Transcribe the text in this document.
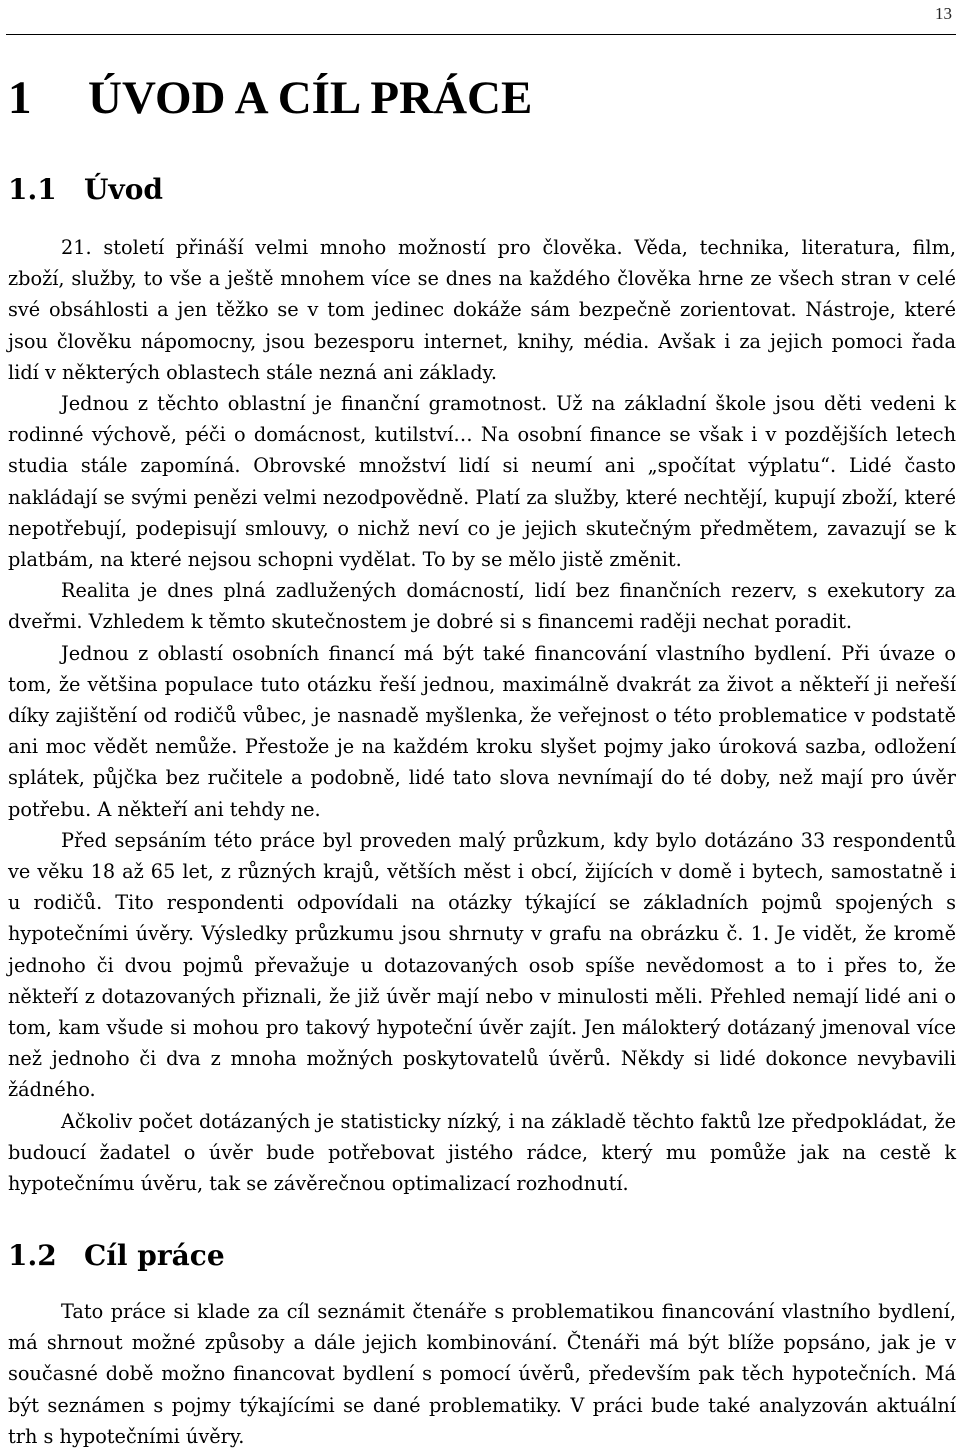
13
1 ÚVOD A CÍL PRÁCE
1.1 Úvod

21. století přináší velmi mnoho možností pro člověka. Věda, technika, literatura, film, zboží, služby, to vše a ještě mnohem více se dnes na každého člověka hrne ze všech stran v celé své obsáhlosti a jen těžko se v tom jedinec dokáže sám bezpečně zorientovat. Nástroje, které jsou člověku nápomocny, jsou bezesporu internet, knihy, média. Avšak i za jejich pomoci řada lidí v některých oblastech stále nezná ani základy.

Jednou z těchto oblastní je finanční gramotnost. Už na základní škole jsou děti vedeni k rodinné výchově, péči o domácnost, kutilství… Na osobní finance se však i v pozdějších letech studia stále zapomíná. Obrovské množství lidí si neumí ani „spočítat výplatu“. Lidé často nakládají se svými penězi velmi nezodpovědně. Platí za služby, které nechtějí, kupují zboží, které nepotřebují, podepisují smlouvy, o nichž neví co je jejich skutečným předmětem, zavazují se k platbám, na které nejsou schopni vydělat. To by se mělo jistě změnit.

Realita je dnes plná zadlužených domácností, lidí bez finančních rezerv, s exekutory za dveřmi. Vzhledem k těmto skutečnostem je dobré si s financemi raději nechat poradit.

Jednou z oblastí osobních financí má být také financování vlastního bydlení. Při úvaze o tom, že většina populace tuto otázku řeší jednou, maximálně dvakrát za život a někteří ji neřeší díky zajištění od rodičů vůbec, je nasnadě myšlenka, že veřejnost o této problematice v podstatě ani moc vědět nemůže. Přestože je na každém kroku slyšet pojmy jako úroková sazba, odložení splátek, půjčka bez ručitele a podobně, lidé tato slova nevnímají do té doby, než mají pro úvěr potřebu. A někteří ani tehdy ne.

Před sepsáním této práce byl proveden malý průzkum, kdy bylo dotázáno 33 respondentů ve věku 18 až 65 let, z různých krajů, větších měst i obcí, žijících v domě i bytech, samostatně i u rodičů. Tito respondenti odpovídali na otázky týkající se základních pojmů spojených s hypotečními úvěry. Výsledky průzkumu jsou shrnuty v grafu na obrázku č. 1. Je vidět, že kromě jednoho či dvou pojmů převažuje u dotazovaných osob spíše nevědomost a to i přes to, že někteří z dotazovaných přiznali, že již úvěr mají nebo v minulosti měli. Přehled nemají lidé ani o tom, kam všude si mohou pro takový hypoteční úvěr zajít. Jen málokterý dotázaný jmenoval více než jednoho či dva z mnoha možných poskytovatelů úvěrů. Někdy si lidé dokonce nevybavili žádného.

Ačkoliv počet dotázaných je statisticky nízký, i na základě těchto faktů lze předpokládat, že budoucí žadatel o úvěr bude potřebovat jistého rádce, který mu pomůže jak na cestě k hypotečnímu úvěru, tak se závěrečnou optimalizací rozhodnutí.

1.2 Cíl práce

Tato práce si klade za cíl seznámit čtenáře s problematikou financování vlastního bydlení, má shrnout možné způsoby a dále jejich kombinování. Čtenáři má být blíže popsáno, jak je v současné době možno financovat bydlení s pomocí úvěrů, především pak těch hypotečních. Má být seznámen s pojmy týkajícími se dané problematiky. V práci bude také analyzován aktuální trh s hypotečními úvěry.
